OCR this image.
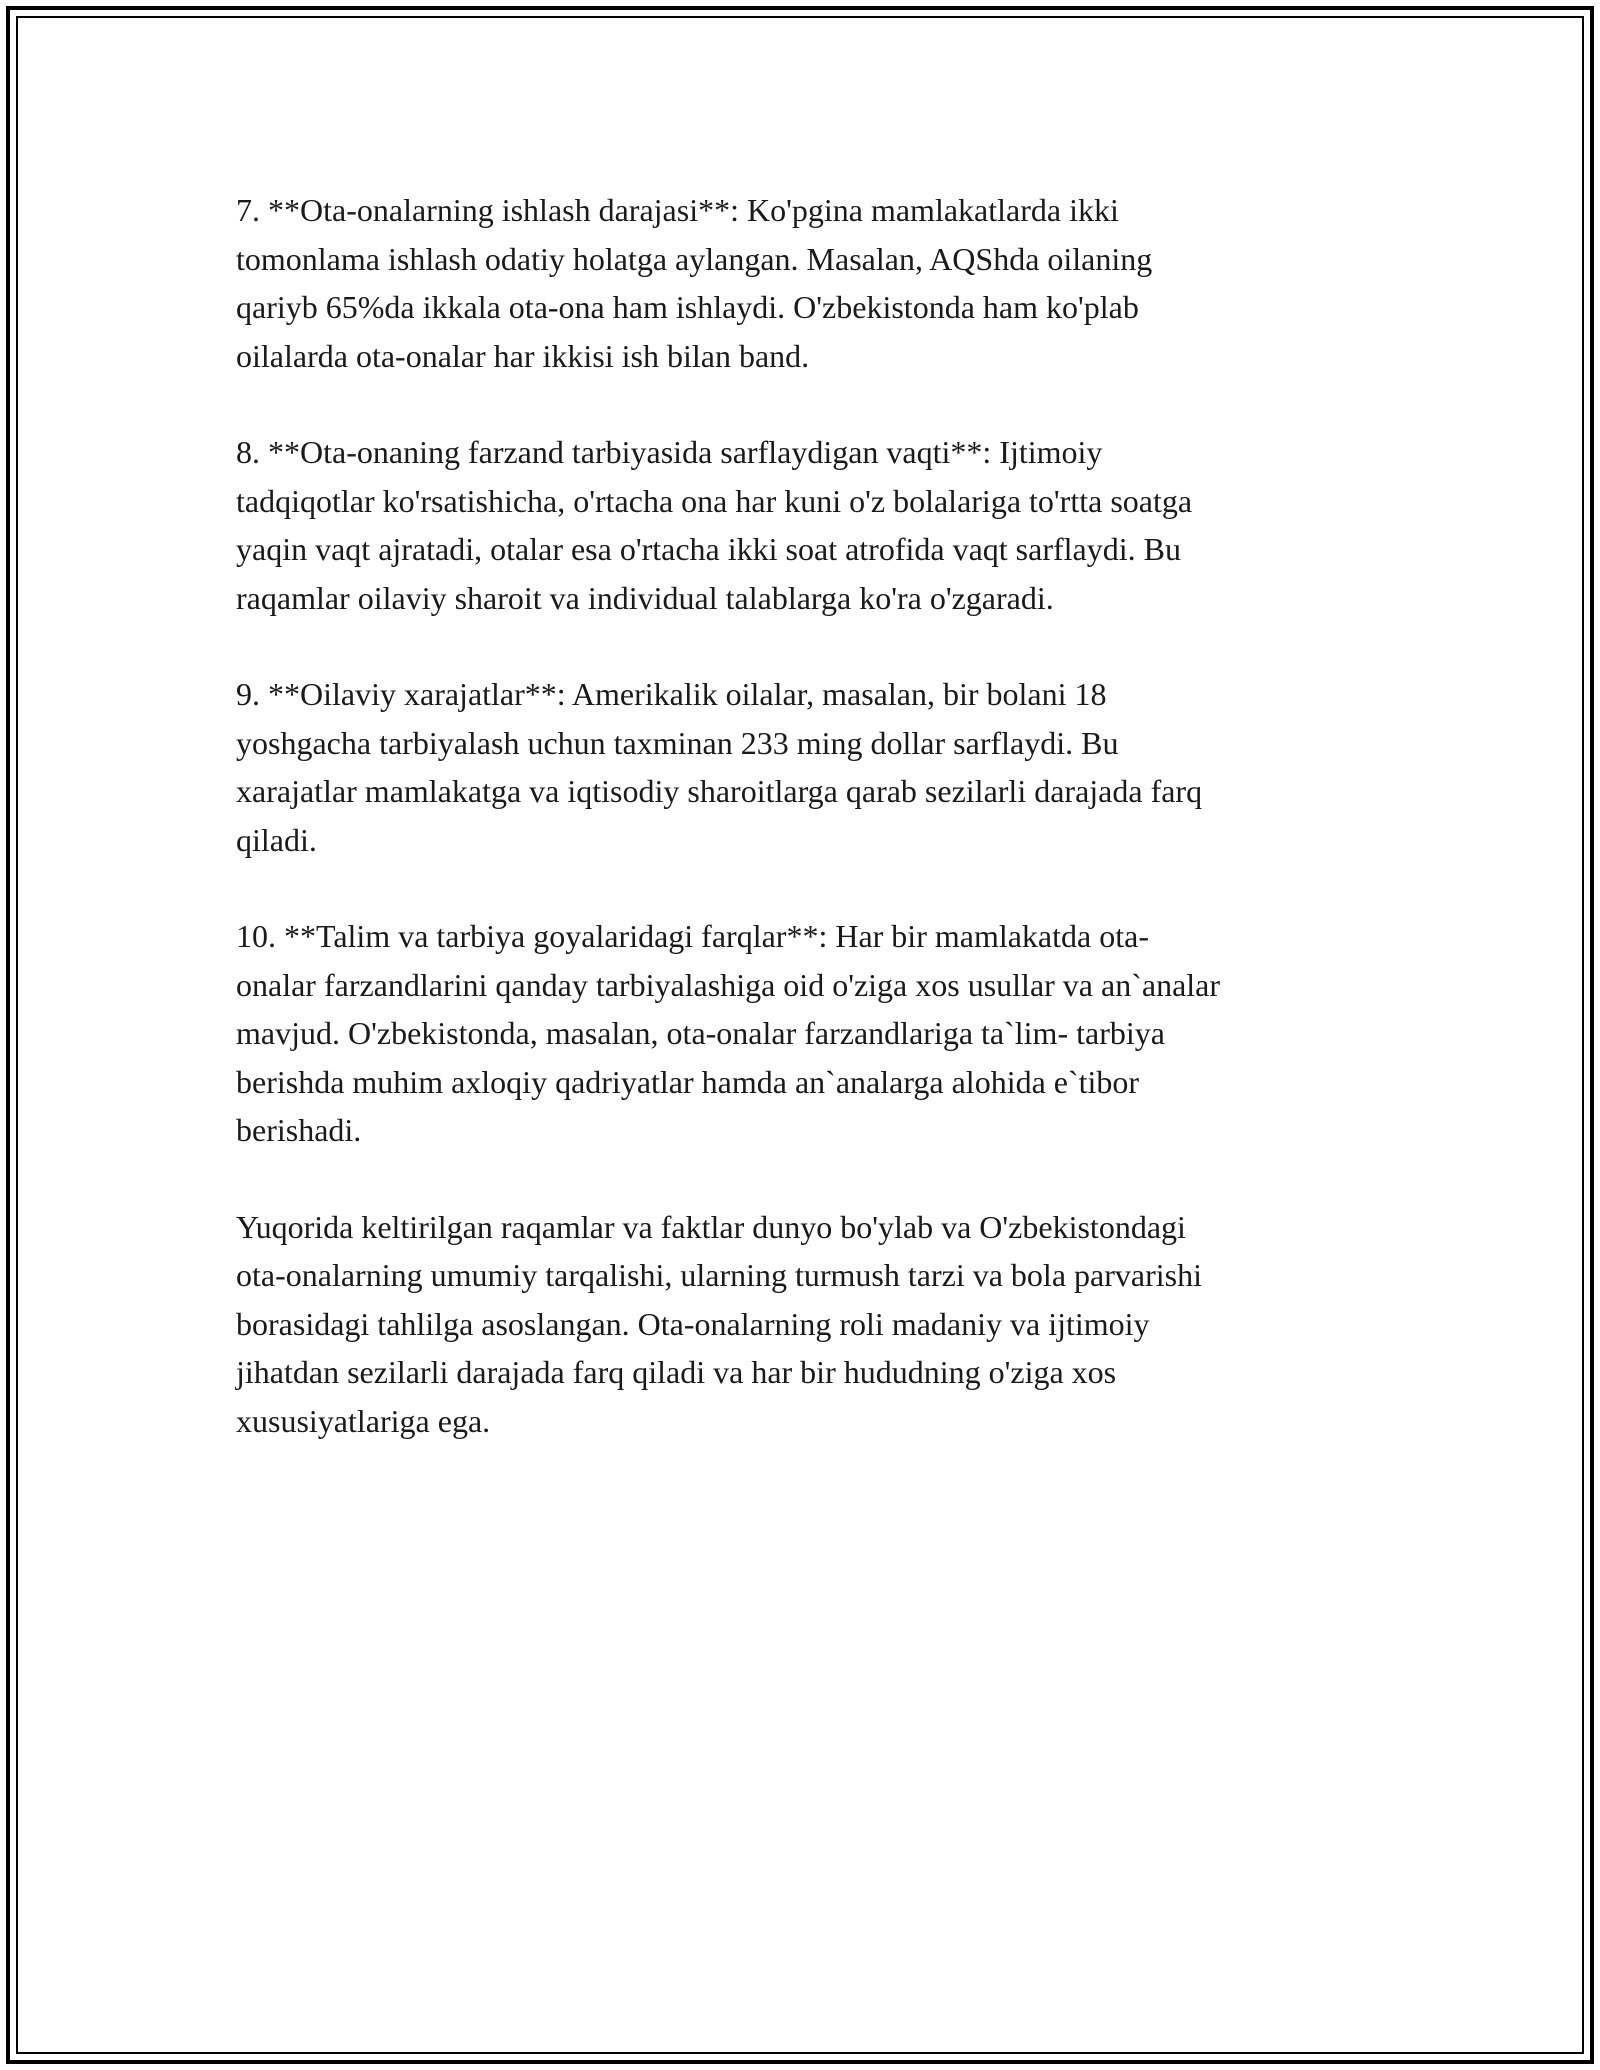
7. **Ota-onalarning ishlash darajasi**: Ko'pgina mamlakatlarda ikki
tomonlama ishlash odatiy holatga aylangan. Masalan, AQShda oilaning
qariyb 65%da ikkala ota-ona ham ishlaydi. O'zbekistonda ham ko'plab
oilalarda ota-onalar har ikkisi ish bilan band.

8. **Ota-onaning farzand tarbiyasida sarflaydigan vaqti**: Ijtimoiy
tadqiqotlar ko'rsatishicha, o'rtacha ona har kuni o'z bolalariga to'rtta soatga
yaqin vaqt ajratadi, otalar esa o'rtacha ikki soat atrofida vaqt sarflaydi. Bu
raqamlar oilaviy sharoit va individual talablarga ko'ra o'zgaradi.

9. **Oilaviy xarajatlar**: Amerikalik oilalar, masalan, bir bolani 18
yoshgacha tarbiyalash uchun taxminan 233 ming dollar sarflaydi. Bu
xarajatlar mamlakatga va iqtisodiy sharoitlarga qarab sezilarli darajada farq
qiladi.

10. **Talim va tarbiya goyalaridagi farqlar**: Har bir mamlakatda ota-
onalar farzandlarini qanday tarbiyalashiga oid o'ziga xos usullar va an`analar
mavjud. O'zbekistonda, masalan, ota-onalar farzandlariga ta`lim- tarbiya
berishda muhim axloqiy qadriyatlar hamda an`analarga alohida e`tibor
berishadi.

Yuqorida keltirilgan raqamlar va faktlar dunyo bo'ylab va O'zbekistondagi
ota-onalarning umumiy tarqalishi, ularning turmush tarzi va bola parvarishi
borasidagi tahlilga asoslangan. Ota-onalarning roli madaniy va ijtimoiy
jihatdan sezilarli darajada farq qiladi va har bir hududning o'ziga xos
xususiyatlariga ega.
